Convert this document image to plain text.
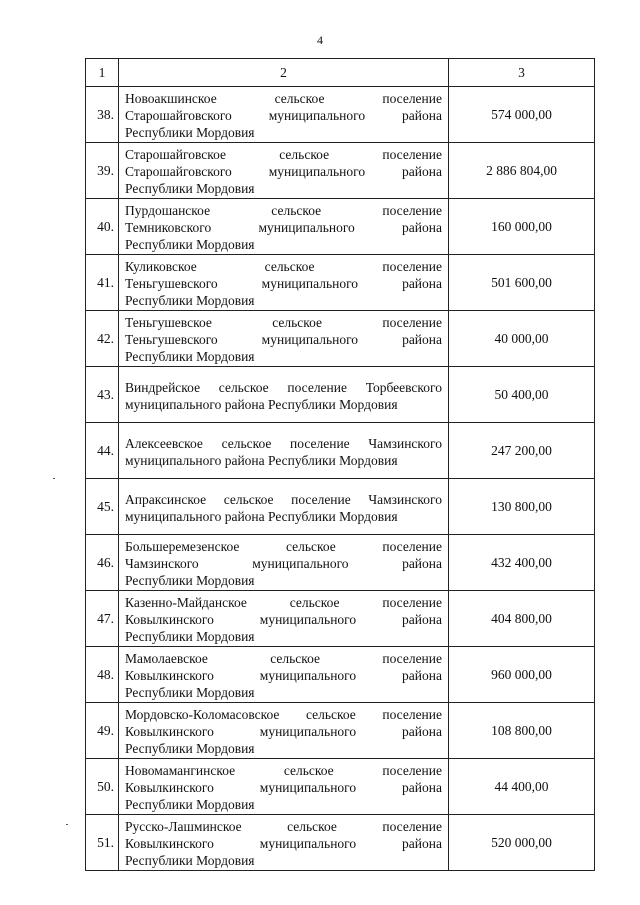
4
1	2	3
38.	Новоакшинское сельское поселение
Старошайговского муниципального района
Республики Мордовия	574 000,00
39.	Старошайговское сельское поселение
Старошайговского муниципального района
Республики Мордовия	2 886 804,00
40.	Пурдошанское сельское поселение
Темниковского муниципального района
Республики Мордовия	160 000,00
41.	Куликовское сельское поселение
Теньгушевского муниципального района
Республики Мордовия	501 600,00
42.	Теньгушевское сельское поселение
Теньгушевского муниципального района
Республики Мордовия	40 000,00
43.	Виндрейское сельское поселение Торбеевского
муниципального района Республики Мордовия	50 400,00
44.	Алексеевское сельское поселение Чамзинского
муниципального района Республики Мордовия	247 200,00
45.	Апраксинское сельское поселение Чамзинского
муниципального района Республики Мордовия	130 800,00
46.	Большеремезенское сельское поселение
Чамзинского муниципального района
Республики Мордовия	432 400,00
47.	Казенно-Майданское сельское поселение
Ковылкинского муниципального района
Республики Мордовия	404 800,00
48.	Мамолаевское сельское поселение
Ковылкинского муниципального района
Республики Мордовия	960 000,00
49.	Мордовско-Коломасовское сельское поселение
Ковылкинского муниципального района
Республики Мордовия	108 800,00
50.	Новомамангинское сельское поселение
Ковылкинского муниципального района
Республики Мордовия	44 400,00
51.	Русско-Лашминское сельское поселение
Ковылкинского муниципального района
Республики Мордовия	520 000,00
